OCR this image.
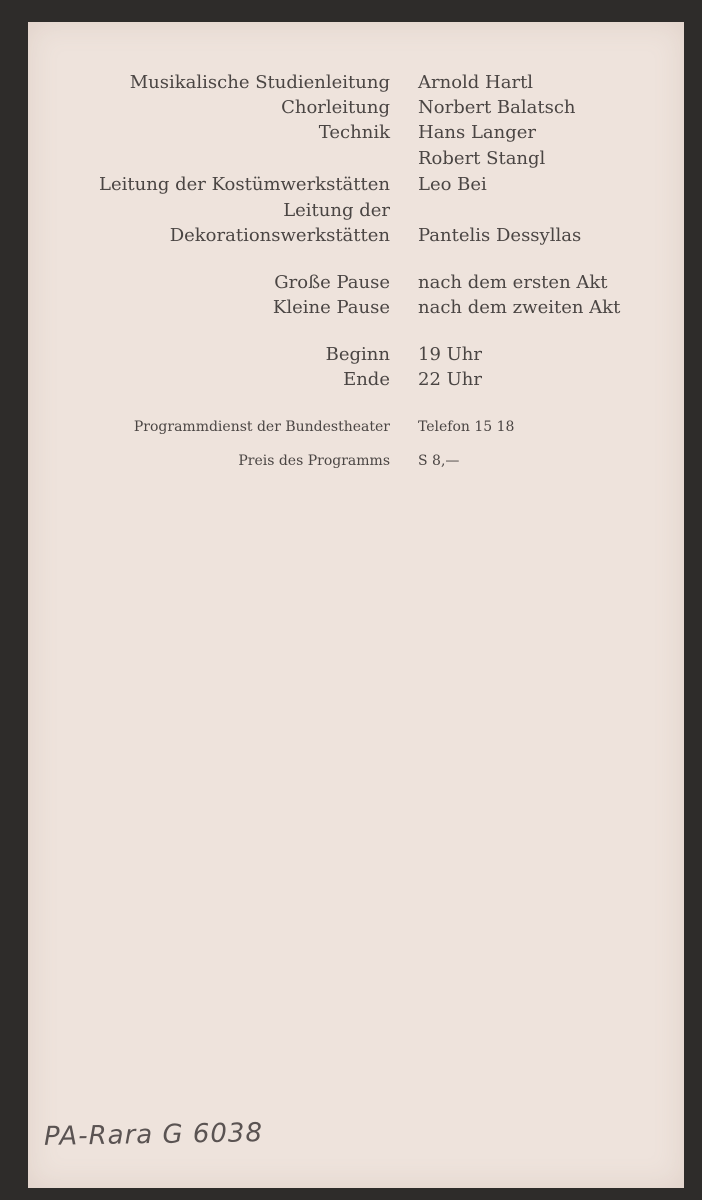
Musikalische Studienleitung Arnold Hartl
Chorleitung Norbert Balatsch
Technik Hans Langer
Robert Stangl
Leitung der Kostümwerkstätten Leo Bei
Leitung der
Dekorationswerkstätten Pantelis Dessyllas
Große Pause nach dem ersten Akt
Kleine Pause nach dem zweiten Akt
Beginn 19 Uhr
Ende 22 Uhr
Programmdienst der Bundestheater Telefon 15 18
Preis des Programms S 8,—
PA-Rara G 6038
